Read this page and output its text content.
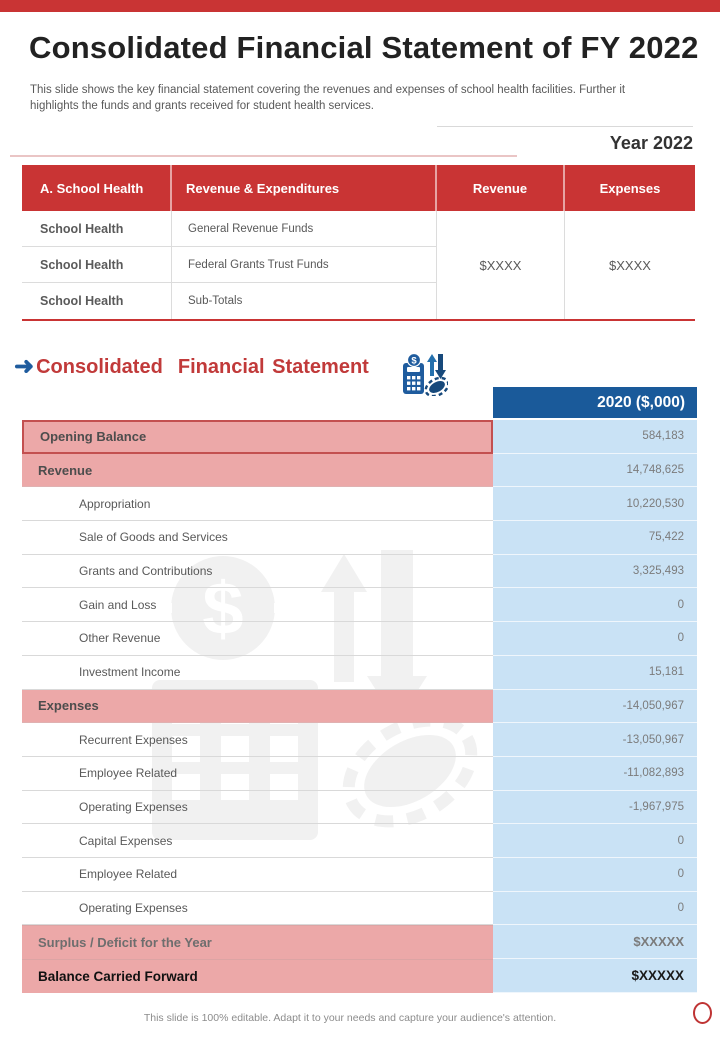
Consolidated Financial Statement of FY 2022

This slide shows the key financial statement covering the revenues and expenses of school health facilities. Further it highlights the funds and grants received for student health services.

Year 2022
A. School Health	Revenue & Expenditures	Revenue	Expenses
School Health	General Revenue Funds
School Health	Federal Grants Trust Funds
School Health	Sub-Totals
$XXXX	$XXXX
➜ Consolidated  Financial Statement	$
$
2020 ($,000)
Opening Balance	584,183
Revenue	14,748,625
Appropriation	10,220,530
Sale of Goods and Services	75,422
Grants and Contributions	3,325,493
Gain and Loss	0
Other Revenue	0
Investment Income	15,181
Expenses	-14,050,967
Recurrent Expenses	-13,050,967
Employee Related	-11,082,893
Operating Expenses	-1,967,975
Capital Expenses	0
Employee Related	0
Operating Expenses	0
Surplus / Deficit for the Year	$XXXXX
Balance Carried Forward	$XXXXX
This slide is 100% editable. Adapt it to your needs and capture your audience's attention.
